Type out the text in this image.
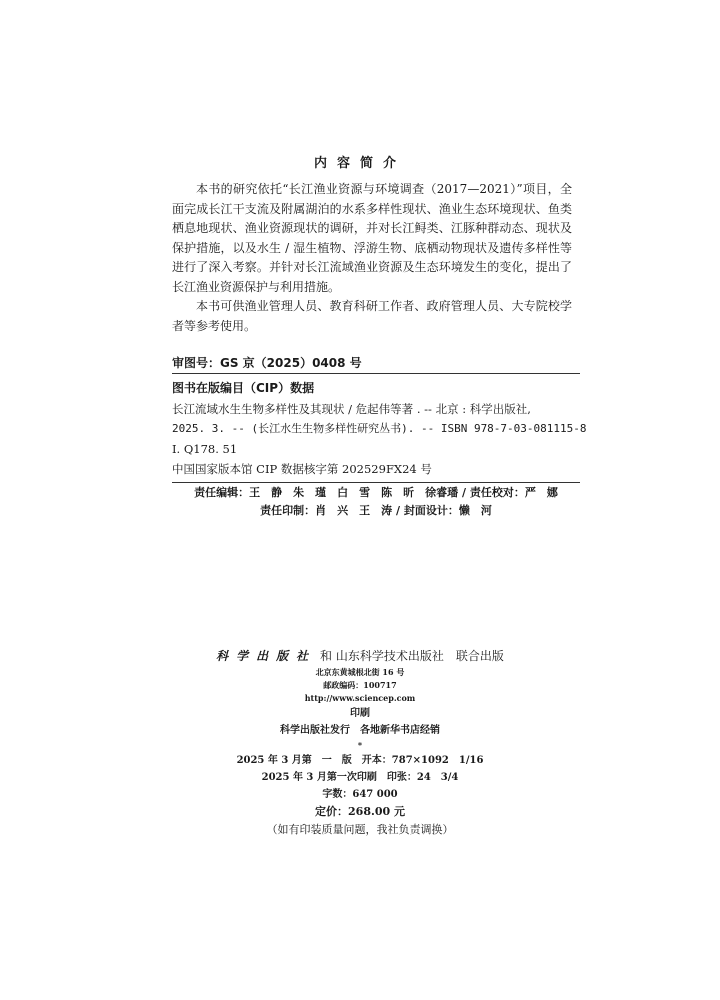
内容简介

本书的研究依托“长江渔业资源与环境调查（2017—2021）”项目，全面完成长江干支流及附属湖泊的水系多样性现状、渔业生态环境现状、鱼类栖息地现状、渔业资源现状的调研，并对长江鲟类、江豚种群动态、现状及保护措施，以及水生 / 湿生植物、浮游生物、底栖动物现状及遗传多样性等进行了深入考察。并针对长江流域渔业资源及生态环境发生的变化，提出了长江渔业资源保护与利用措施。

本书可供渔业管理人员、教育科研工作者、政府管理人员、大专院校学者等参考使用。

审图号：GS 京（2025）0408 号
图书在版编目（CIP）数据
长江流域水生生物多样性及其现状 / 危起伟等著 . -- 北京 : 科学出版社,
2025. 3. -- (长江水生生物多样性研究丛书). -- ISBN 978-7-03-081115-8
Ⅰ. Q178. 51
中国国家版本馆 CIP 数据核字第 202529FX24 号
责任编辑：王　静　朱　瑾　白　雪　陈　昕　徐睿璠 / 责任校对：严　娜
责任印制：肖　兴　王　涛 / 封面设计：懒　河
科学出版社 和 山东科学技术出版社　联合出版
北京东黄城根北街 16 号
邮政编码：100717
http://www.sciencep.com
印刷
科学出版社发行　各地新华书店经销
*
2025 年 3 月第　一　版　开本：787×1092　1/16
2025 年 3 月第一次印刷　印张：24　3/4
字数：647 000
定价：268.00 元
（如有印装质量问题，我社负责调换）
